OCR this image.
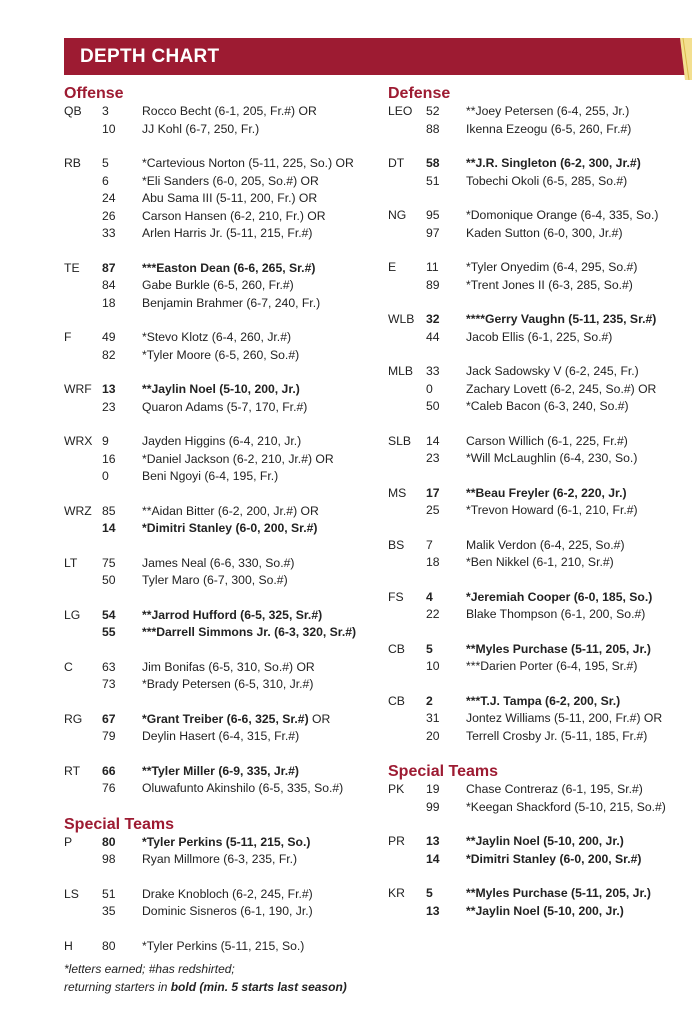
DEPTH CHART
Offense
QB	3	Rocco Becht (6-1, 205, Fr.#) OR
10	JJ Kohl (6-7, 250, Fr.)
RB	5	*Cartevious Norton (5-11, 225, So.) OR
6	*Eli Sanders (6-0, 205, So.#) OR
24	Abu Sama III (5-11, 200, Fr.) OR
26	Carson Hansen (6-2, 210, Fr.) OR
33	Arlen Harris Jr. (5-11, 215, Fr.#)
TE	87	***Easton Dean (6-6, 265, Sr.#)
84	Gabe Burkle (6-5, 260, Fr.#)
18	Benjamin Brahmer (6-7, 240, Fr.)
F	49	*Stevo Klotz (6-4, 260, Jr.#)
82	*Tyler Moore (6-5, 260, So.#)
WRF 13	**Jaylin Noel (5-10, 200, Jr.)
23	Quaron Adams (5-7, 170, Fr.#)
WRX 9	Jayden Higgins (6-4, 210, Jr.)
16	*Daniel Jackson (6-2, 210, Jr.#) OR
0	Beni Ngoyi (6-4, 195, Fr.)
WRZ 85	**Aidan Bitter (6-2, 200, Jr.#) OR
14	*Dimitri Stanley (6-0, 200, Sr.#)
LT	75	James Neal (6-6, 330, So.#)
50	Tyler Maro (6-7, 300, So.#)
LG	54	**Jarrod Hufford (6-5, 325, Sr.#)
55	***Darrell Simmons Jr. (6-3, 320, Sr.#)
C	63	Jim Bonifas (6-5, 310, So.#) OR
73	*Brady Petersen (6-5, 310, Jr.#)
RG	67	*Grant Treiber (6-6, 325, Sr.#) OR
79	Deylin Hasert (6-4, 315, Fr.#)
RT	66	**Tyler Miller (6-9, 335, Jr.#)
76	Oluwafunto Akinshilo (6-5, 335, So.#)
Special Teams
P	80	*Tyler Perkins (5-11, 215, So.)
98	Ryan Millmore (6-3, 235, Fr.)
LS	51	Drake Knobloch (6-2, 245, Fr.#)
35	Dominic Sisneros (6-1, 190, Jr.)
H	80	*Tyler Perkins (5-11, 215, So.)
Defense
LEO	52	**Joey Petersen (6-4, 255, Jr.)
88	Ikenna Ezeogu (6-5, 260, Fr.#)
DT	58	**J.R. Singleton (6-2, 300, Jr.#)
51	Tobechi Okoli (6-5, 285, So.#)
NG	95	*Domonique Orange (6-4, 335, So.)
97	Kaden Sutton (6-0, 300, Jr.#)
E	11	*Tyler Onyedim (6-4, 295, So.#)
89	*Trent Jones II (6-3, 285, So.#)
WLB 32	****Gerry Vaughn (5-11, 235, Sr.#)
44	Jacob Ellis (6-1, 225, So.#)
MLB	33	Jack Sadowsky V (6-2, 245, Fr.)
0	Zachary Lovett (6-2, 245, So.#) OR
50	*Caleb Bacon (6-3, 240, So.#)
SLB	14	Carson Willich (6-1, 225, Fr.#)
23	*Will McLaughlin (6-4, 230, So.)
MS	17	**Beau Freyler (6-2, 220, Jr.)
25	*Trevon Howard (6-1, 210, Fr.#)
BS	7	Malik Verdon (6-4, 225, So.#)
18	*Ben Nikkel (6-1, 210, Sr.#)
FS	4	*Jeremiah Cooper (6-0, 185, So.)
22	Blake Thompson (6-1, 200, So.#)
CB	5	**Myles Purchase (5-11, 205, Jr.)
10	***Darien Porter (6-4, 195, Sr.#)
CB	2	***T.J. Tampa (6-2, 200, Sr.)
31	Jontez Williams (5-11, 200, Fr.#) OR
20	Terrell Crosby Jr. (5-11, 185, Fr.#)
Special Teams
PK	19	Chase Contreraz (6-1, 195, Sr.#)
99	*Keegan Shackford (5-10, 215, So.#)
PR	13	**Jaylin Noel (5-10, 200, Jr.)
14	*Dimitri Stanley (6-0, 200, Sr.#)
KR	5	**Myles Purchase (5-11, 205, Jr.)
13	**Jaylin Noel (5-10, 200, Jr.)
*letters earned; #has redshirted;
returning starters in bold (min. 5 starts last season)
